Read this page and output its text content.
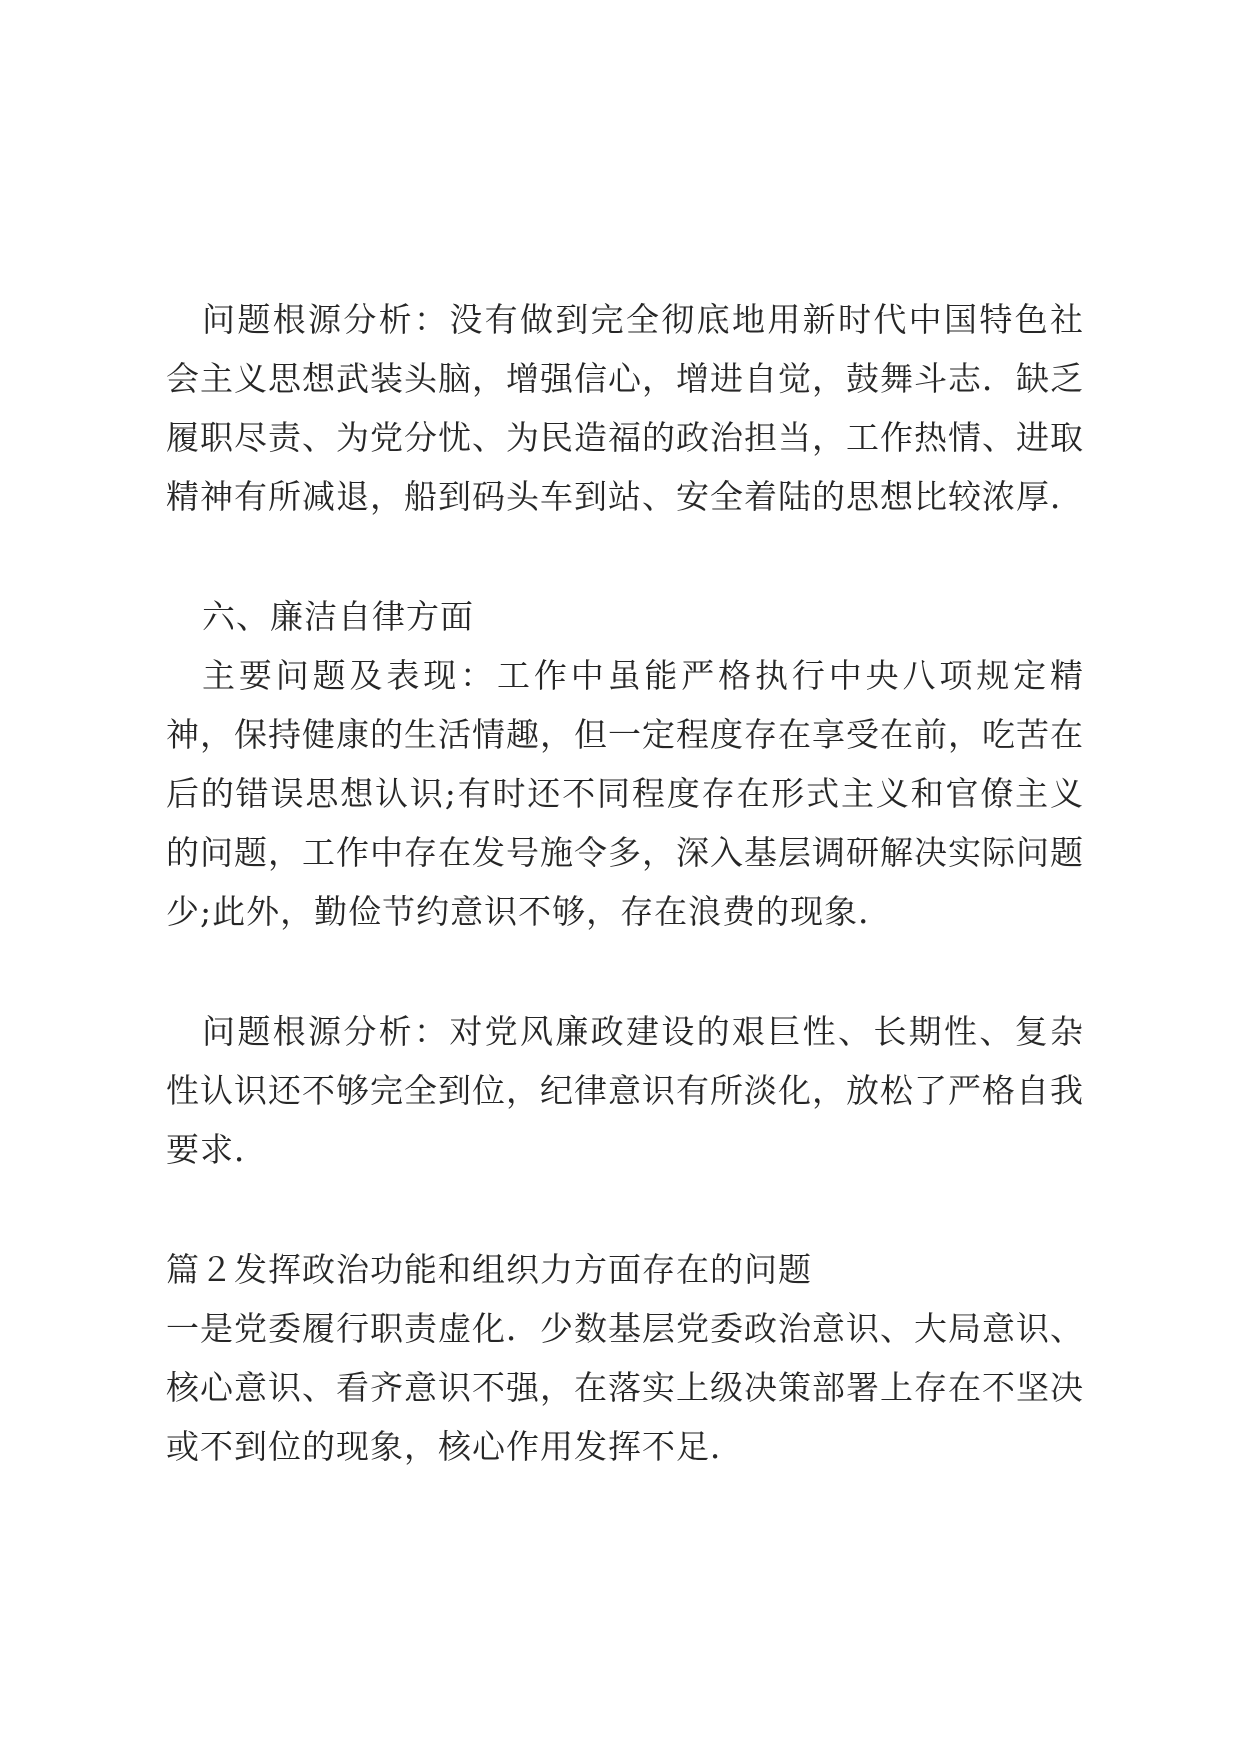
问题根源分析：没有做到完全彻底地用新时代中国特色社会主义思想武装头脑，增强信心，增进自觉，鼓舞斗志．缺乏履职尽责、为党分忧、为民造福的政治担当，工作热情、进取精神有所减退，船到码头车到站、安全着陆的思想比较浓厚．

六、廉洁自律方面

主要问题及表现：工作中虽能严格执行中央八项规定精神，保持健康的生活情趣，但一定程度存在享受在前，吃苦在后的错误思想认识;有时还不同程度存在形式主义和官僚主义的问题，工作中存在发号施令多，深入基层调研解决实际问题少;此外，勤俭节约意识不够，存在浪费的现象．

问题根源分析：对党风廉政建设的艰巨性、长期性、复杂性认识还不够完全到位，纪律意识有所淡化，放松了严格自我要求．

篇２发挥政治功能和组织力方面存在的问题

一是党委履行职责虚化．少数基层党委政治意识、大局意识、核心意识、看齐意识不强，在落实上级决策部署上存在不坚决或不到位的现象，核心作用发挥不足．
